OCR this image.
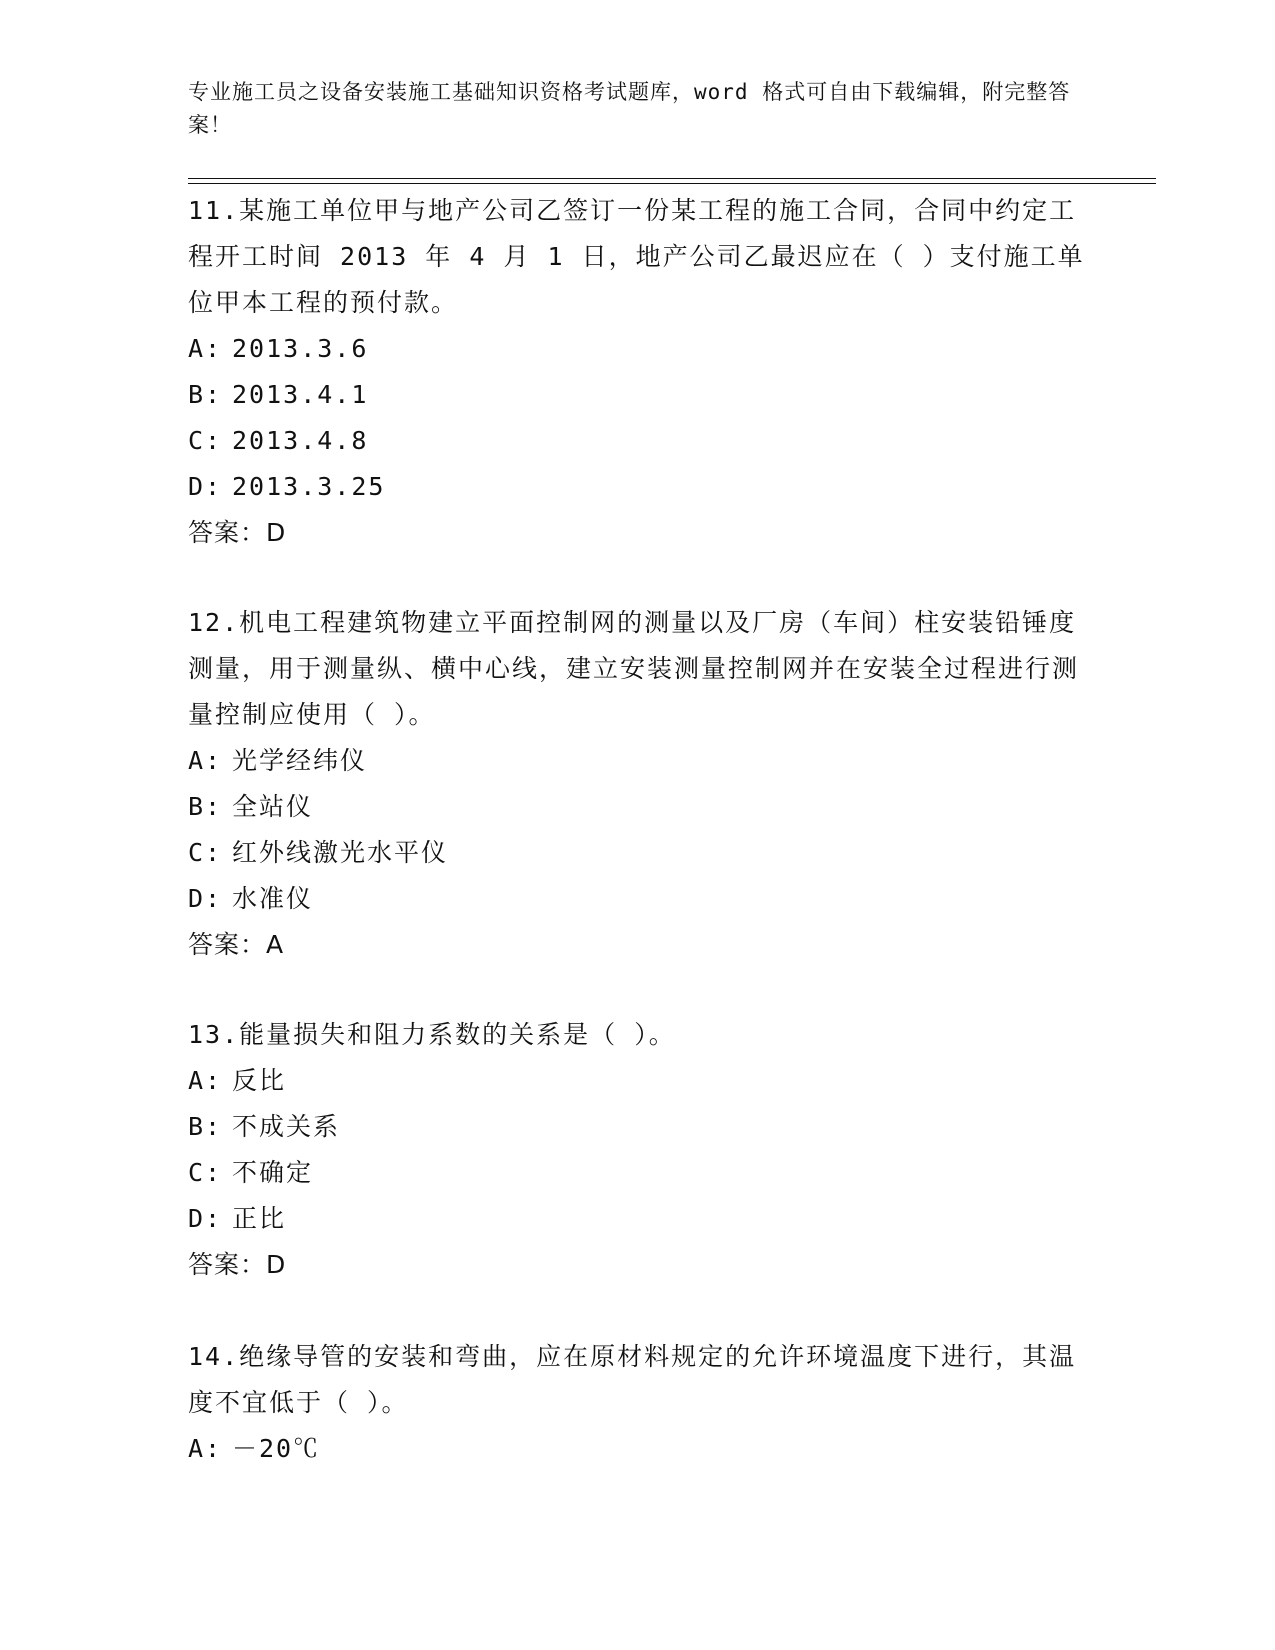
专业施工员之设备安装施工基础知识资格考试题库，word 格式可自由下载编辑，附完整答案！

11.某施工单位甲与地产公司乙签订一份某工程的施工合同，合同中约定工程开工时间 2013 年 4 月 1 日，地产公司乙最迟应在（ ）支付施工单位甲本工程的预付款。

A: 2013.3.6

B: 2013.4.1

C: 2013.4.8

D: 2013.3.25

答案：D

12.机电工程建筑物建立平面控制网的测量以及厂房（车间）柱安装铅锤度测量，用于测量纵、横中心线，建立安装测量控制网并在安装全过程进行测量控制应使用（ ）。

A: 光学经纬仪

B: 全站仪

C: 红外线激光水平仪

D: 水准仪

答案：A

13.能量损失和阻力系数的关系是（ ）。

A: 反比

B: 不成关系

C: 不确定

D: 正比

答案：D

14.绝缘导管的安装和弯曲，应在原材料规定的允许环境温度下进行，其温度不宜低于（ ）。

A: －20℃
